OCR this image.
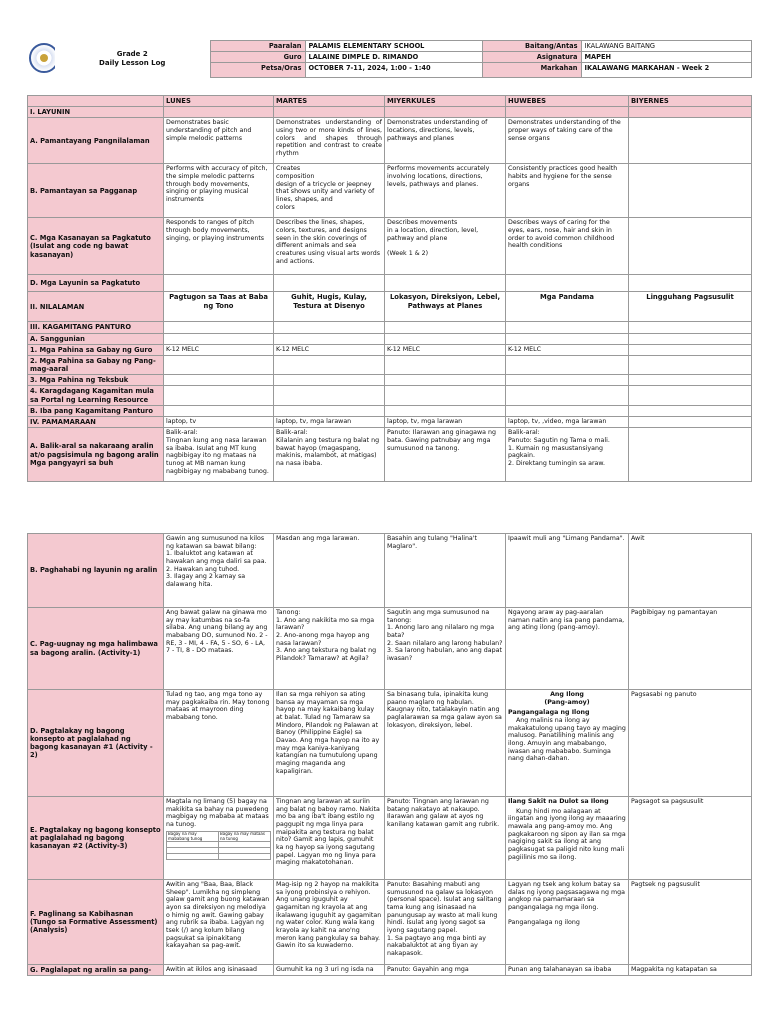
	Grade 2
Daily Lesson Log	Paaralan	PALAMIS ELEMENTARY SCHOOL	Baitang/Antas	IKALAWANG BAITANG
		Guro	LALAINE DIMPLE D. RIMANDO	Asignatura	MAPEH
		Petsa/Oras	OCTOBER 7-11, 2024, 1:00 - 1:40	Markahan	IKALAWANG MARKAHAN - Week 2
	LUNES	MARTES	MIYERKULES	HUWEBES	BIYERNES
I. LAYUNIN					
A. Pamantayang Pangnilalaman	Demonstrates basic understanding of pitch and simple melodic patterns	Demonstrates understanding of using two or more kinds of lines, colors and shapes through repetition and contrast to create rhythm	Demonstrates understanding of locations, directions, levels, pathways and planes	Demonstrates understanding of the proper ways of taking care of the sense organs	
B. Pamantayan sa Pagganap	Performs with accuracy of pitch, the simple melodic patterns through body movements,
singing or playing musical instruments	Creates
composition
design of a tricycle or jeepney that shows unity and variety of lines, shapes, and
colors	Performs movements accurately involving locations, directions, levels, pathways and planes.	Consistently practices good health habits and hygiene for the sense organs	
C. Mga Kasanayan sa Pagkatuto (Isulat ang code ng bawat kasanayan)	Responds to ranges of pitch through body movements, singing, or playing instruments	Describes the lines, shapes, colors, textures, and designs seen in the skin coverings of different animals and sea creatures using visual arts words and actions.	Describes movements
in a location, direction, level, pathway and plane

(Week 1 & 2)	Describes ways of caring for the eyes, ears, nose, hair and skin in order to avoid common childhood health conditions	
D. Mga Layunin sa Pagkatuto					
II. NILALAMAN	Pagtugon sa Taas at Baba ng Tono	Guhit, Hugis, Kulay, Testura at Disenyo	Lokasyon, Direksiyon, Lebel, Pathways at Planes	Mga Pandama	Lingguhang Pagsusulit
III. KAGAMITANG PANTURO					
A. Sanggunian					
1. Mga Pahina sa Gabay ng Guro	K-12 MELC	K-12 MELC	K-12 MELC	K-12 MELC	
2. Mga Pahina sa Gabay ng Pang-mag-aaral					
3. Mga Pahina ng Teksbuk					
4. Karagdagang Kagamitan mula sa Portal ng Learning Resource					
B. Iba pang Kagamitang Panturo					
IV. PAMAMARAAN	laptop, tv	laptop, tv, mga larawan	laptop, tv, mga larawan	laptop, tv, ,video, mga larawan	
A. Balik-aral sa nakaraang aralin at/o pagsisimula ng bagong aralin Mga pangyayri sa buh	Balik-aral:
Tingnan kung ang nasa larawan sa ibaba. Isulat ang MT kung nagbibigay ito ng mataas na tunog at MB naman kung nagbibigay ng mababang tunog.	Balik-aral:
Kilalanin ang testura ng balat ng bawat hayop (magaspang, makinis, malambot, at matigas) na nasa ibaba.	Panuto: Ilarawan ang ginagawa ng bata. Gawing patnubay ang mga sumusunod na tanong.	Balik-aral:
Panuto: Sagutin ng Tama o mali.
1. Kumain ng masustansiyang pagkain.
2. Direktang tumingin sa araw.	
B. Paghahabi ng layunin ng aralin	Gawin ang sumusunod na kilos ng katawan sa bawat bilang:
1. Ibaluktot ang katawan at hawakan ang mga daliri sa paa.
2. Hawakan ang tuhod.
3. Ilagay ang 2 kamay sa dalawang hita.	Masdan ang mga larawan.	Basahin ang tulang "Halina't Maglaro".	Ipaawit muli ang "Limang Pandama".	Awit
C. Pag-uugnay ng mga halimbawa sa bagong aralin. (Activity-1)	Ang bawat galaw na ginawa mo ay may katumbas na so-fa silaba. Ang unang bilang ay ang mababang DO, sumunod No. 2 - RE, 3 - MI, 4 - FA, 5 - SO, 6 - LA, 7 - TI, 8 - DO mataas.	Tanong:
1. Ano ang nakikita mo sa mga larawan?
2. Ano-anong mga hayop ang nasa larawan?
3. Ano ang tekstura ng balat ng Pilandok? Tamaraw? at Agila?	Sagutin ang mga sumusunod na tanong:
1. Anong laro ang nilalaro ng mga bata?
2. Saan nilalaro ang larong habulan?
3. Sa larong habulan, ano ang dapat iwasan?	Ngayong araw ay pag-aaralan naman natin ang isa pang pandama, ang ating ilong (pang-amoy).	Pagbibigay ng pamantayan
D. Pagtalakay ng bagong konsepto at paglalahad ng bagong kasanayan #1 (Activity - 2)	Tulad ng tao, ang mga tono ay may pagkakaiba rin. May tonong mataas at mayroon ding mababang tono.	Ilan sa mga rehiyon sa ating bansa ay mayaman sa mga hayop na may kakaibang kulay at balat. Tulad ng Tamaraw sa Mindoro, Pilandok ng Palawan at Banoy (Philippine Eagle) sa Davao. Ang mga hayop na ito ay may mga kaniya-kaniyang katangian na tumutulong upang maging maganda ang kapaligiran.	Sa binasang tula, ipinakita kung paano maglaro ng habulan. Kaugnay nito, tatalakayin natin ang paglalarawan sa mga galaw ayon sa lokasyon, direksiyon, lebel.	
Ang Ilong
(Pang-amoy)
Pangangalaga ng Ilong
Ang malinis na ilong ay makakatulong upang tayo ay maging malusog. Panatilihing malinis ang ilong. Amuyin ang mababango, iwasan ang mabababo. Suminga nang dahan-dahan.
	Pagsasabi ng panuto
E. Pagtalakay ng bagong konsepto at paglalahad ng bagong kasanayan #2 (Activity-3)	
Magtala ng limang (5) bagay na makikita sa bahay na puwedeng magbigay ng mababa at mataas na tunog.
Bagay na may mababang tunog	Bagay na may mataas na tunog

	Tingnan ang larawan at suriin ang balat ng baboy ramo. Nakita mo ba ang iba't ibang estilo ng paggupit ng mga linya para maipakita ang testura ng balat nito? Gamit ang lapis, gumuhit ka ng hayop sa iyong sagutang papel. Lagyan mo ng linya para maging makatotohanan.	Panuto: Tingnan ang larawan ng batang nakatayo at nakaupo. Ilarawan ang galaw at ayos ng kanilang katawan gamit ang rubrik.	
Ilang Sakit na Dulot sa Ilong
Kung hindi mo aalagaan at iingatan ang iyong ilong ay maaaring mawala ang pang-amoy mo. Ang pagkakaroon ng sipon ay ilan sa mga nagiging sakit sa ilong at ang pagkasugat sa paligid nito kung mali pagiilinis mo sa ilong.
	Pagsagot sa pagsusulit
F. Paglinang sa Kabihasnan (Tungo sa Formative Assessment) (Analysis)	Awitin ang "Baa, Baa, Black Sheep". Lumikha ng simpleng galaw gamit ang buong katawan ayon sa direksiyon ng melodiya o himig ng awit. Gawing gabay ang rubrik sa ibaba. Lagyan ng tsek (/) ang kolum bilang pagsukat sa ipinakitang kakayahan sa pag-awit.	Mag-isip ng 2 hayop na makikita sa iyong probinsiya o rehiyon. Ang unang iguguhit ay gagamitan ng krayola at ang ikalawang iguguhit ay gagamitan ng water color. Kung wala kang krayola ay kahit na ano'ng meron kang pangkulay sa bahay. Gawin ito sa kuwaderno.	Panuto: Basahing mabuti ang sumusunod na galaw sa lokasyon (personal space). Isulat ang salitang tama kung ang isinasaad na panungusap ay wasto at mali kung hindi. Isulat ang iyong sagot sa iyong sagutang papel.
1. Sa pagtayo ang mga binti ay nakabaluktot at ang tiyan ay nakapasok.	Lagyan ng tsek ang kolum batay sa dalas ng iyong pagsasagawa ng mga angkop na pamamaraan sa pangangalaga ng mga ilong.

Pangangalaga ng ilong	Pagtsek ng pagsusulit
G. Paglalapat ng aralin sa pang-	Awitin at ikilos ang isinasaad	Gumuhit ka ng 3 uri ng isda na	Panuto: Gayahin ang mga	Punan ang talahanayan sa ibaba	Magpakita ng katapatan sa
